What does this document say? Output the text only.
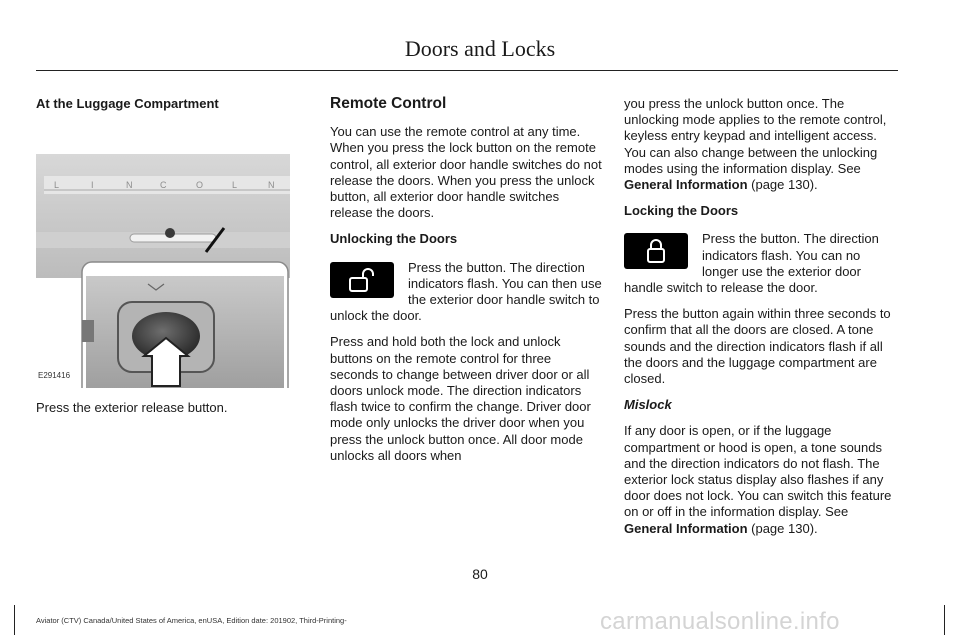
Doors and Locks
At the Luggage Compartment
L	I	N	C	O	L	N
E291416

Press the exterior release button.

Remote Control

You can use the remote control at any time. When you press the lock button on the remote control, all exterior door handle switches do not release the doors. When you press the unlock button, all exterior door handle switches release the doors.

Unlocking the Doors

Press the button. The direction indicators flash. You can then use the exterior door handle switch to unlock the door.

Press and hold both the lock and unlock buttons on the remote control for three seconds to change between driver door or all doors unlock mode. The direction indicators flash twice to confirm the change. Driver door mode only unlocks the driver door when you press the unlock button once. All door mode unlocks all doors when

you press the unlock button once. The unlocking mode applies to the remote control, keyless entry keypad and intelligent access. You can also change between the unlocking modes using the information display. See General Information (page 130).

Locking the Doors

Press the button. The direction indicators flash. You can no longer use the exterior door handle switch to release the door.

Press the button again within three seconds to confirm that all the doors are closed. A tone sounds and the direction indicators flash if all the doors and the luggage compartment are closed.

Mislock

If any door is open, or if the luggage compartment or hood is open, a tone sounds and the direction indicators do not flash. The exterior lock status display also flashes if any door does not lock. You can switch this feature on or off in the information display. See General Information (page 130).

80
Aviator (CTV) Canada/United States of America, enUSA, Edition date: 201902, Third-Printing-	carmanualsonline.info
